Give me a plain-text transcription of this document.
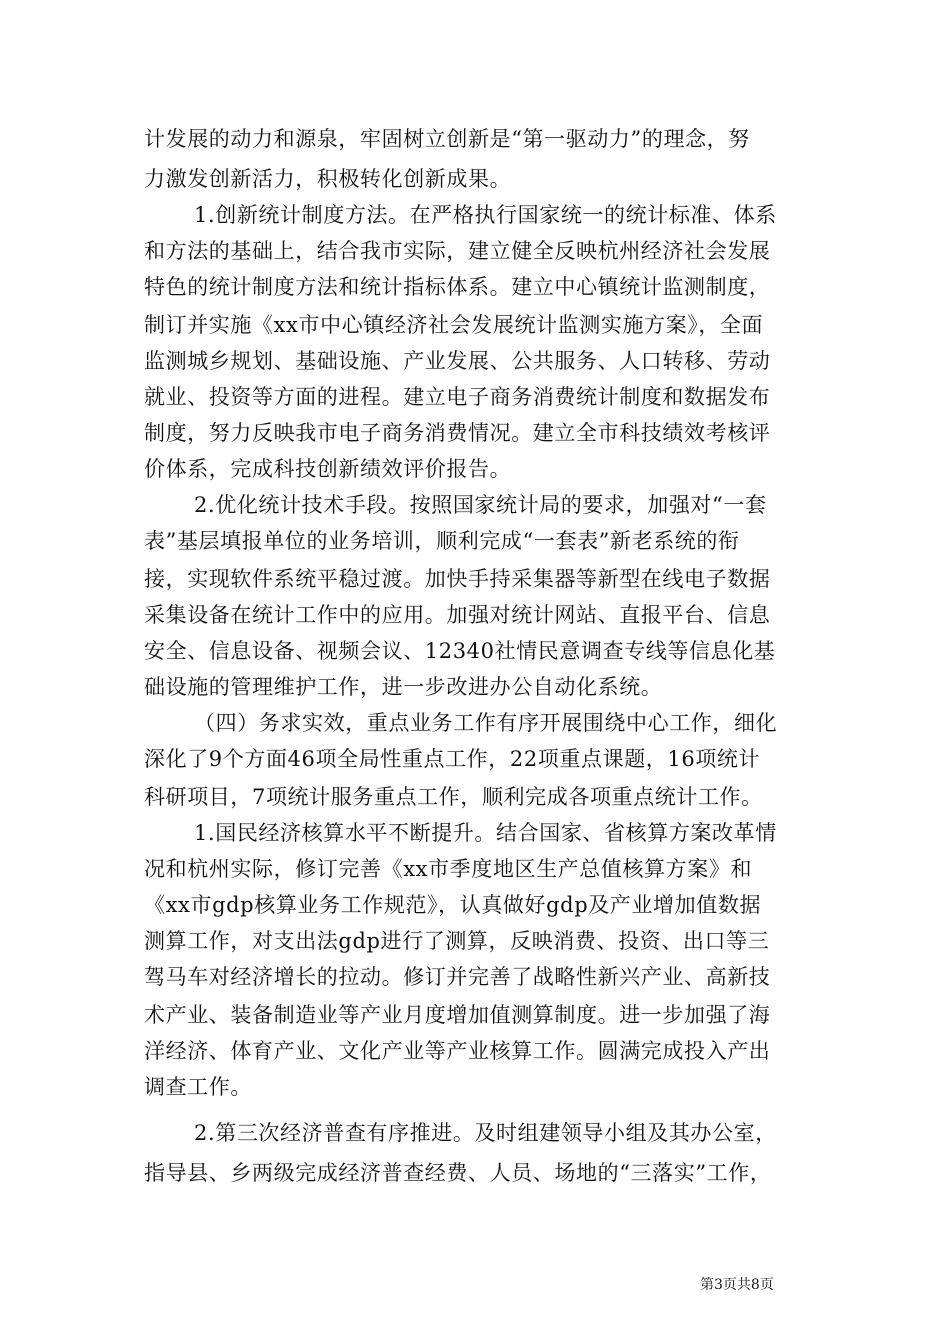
计发展的动力和源泉，牢固树立创新是“第一驱动力”的理念，努

力激发创新活力，积极转化创新成果。

1.创新统计制度方法。在严格执行国家统一的统计标准、体系

和方法的基础上，结合我市实际，建立健全反映杭州经济社会发展

特色的统计制度方法和统计指标体系。建立中心镇统计监测制度，

制订并实施《xx市中心镇经济社会发展统计监测实施方案》，全面

监测城乡规划、基础设施、产业发展、公共服务、人口转移、劳动

就业、投资等方面的进程。建立电子商务消费统计制度和数据发布

制度，努力反映我市电子商务消费情况。建立全市科技绩效考核评

价体系，完成科技创新绩效评价报告。

2.优化统计技术手段。按照国家统计局的要求，加强对“一套

表”基层填报单位的业务培训，顺利完成“一套表”新老系统的衔

接，实现软件系统平稳过渡。加快手持采集器等新型在线电子数据

采集设备在统计工作中的应用。加强对统计网站、直报平台、信息

安全、信息设备、视频会议、12340社情民意调查专线等信息化基

础设施的管理维护工作，进一步改进办公自动化系统。

（四）务求实效，重点业务工作有序开展围绕中心工作，细化

深化了9个方面46项全局性重点工作，22项重点课题，16项统计

科研项目，7项统计服务重点工作，顺利完成各项重点统计工作。

1.国民经济核算水平不断提升。结合国家、省核算方案改革情

况和杭州实际，修订完善《xx市季度地区生产总值核算方案》和

《xx市gdp核算业务工作规范》，认真做好gdp及产业增加值数据

测算工作，对支出法gdp进行了测算，反映消费、投资、出口等三

驾马车对经济增长的拉动。修订并完善了战略性新兴产业、高新技

术产业、装备制造业等产业月度增加值测算制度。进一步加强了海

洋经济、体育产业、文化产业等产业核算工作。圆满完成投入产出

调查工作。

2.第三次经济普查有序推进。及时组建领导小组及其办公室，

指导县、乡两级完成经济普查经费、人员、场地的“三落实”工作，

第3页共8页
